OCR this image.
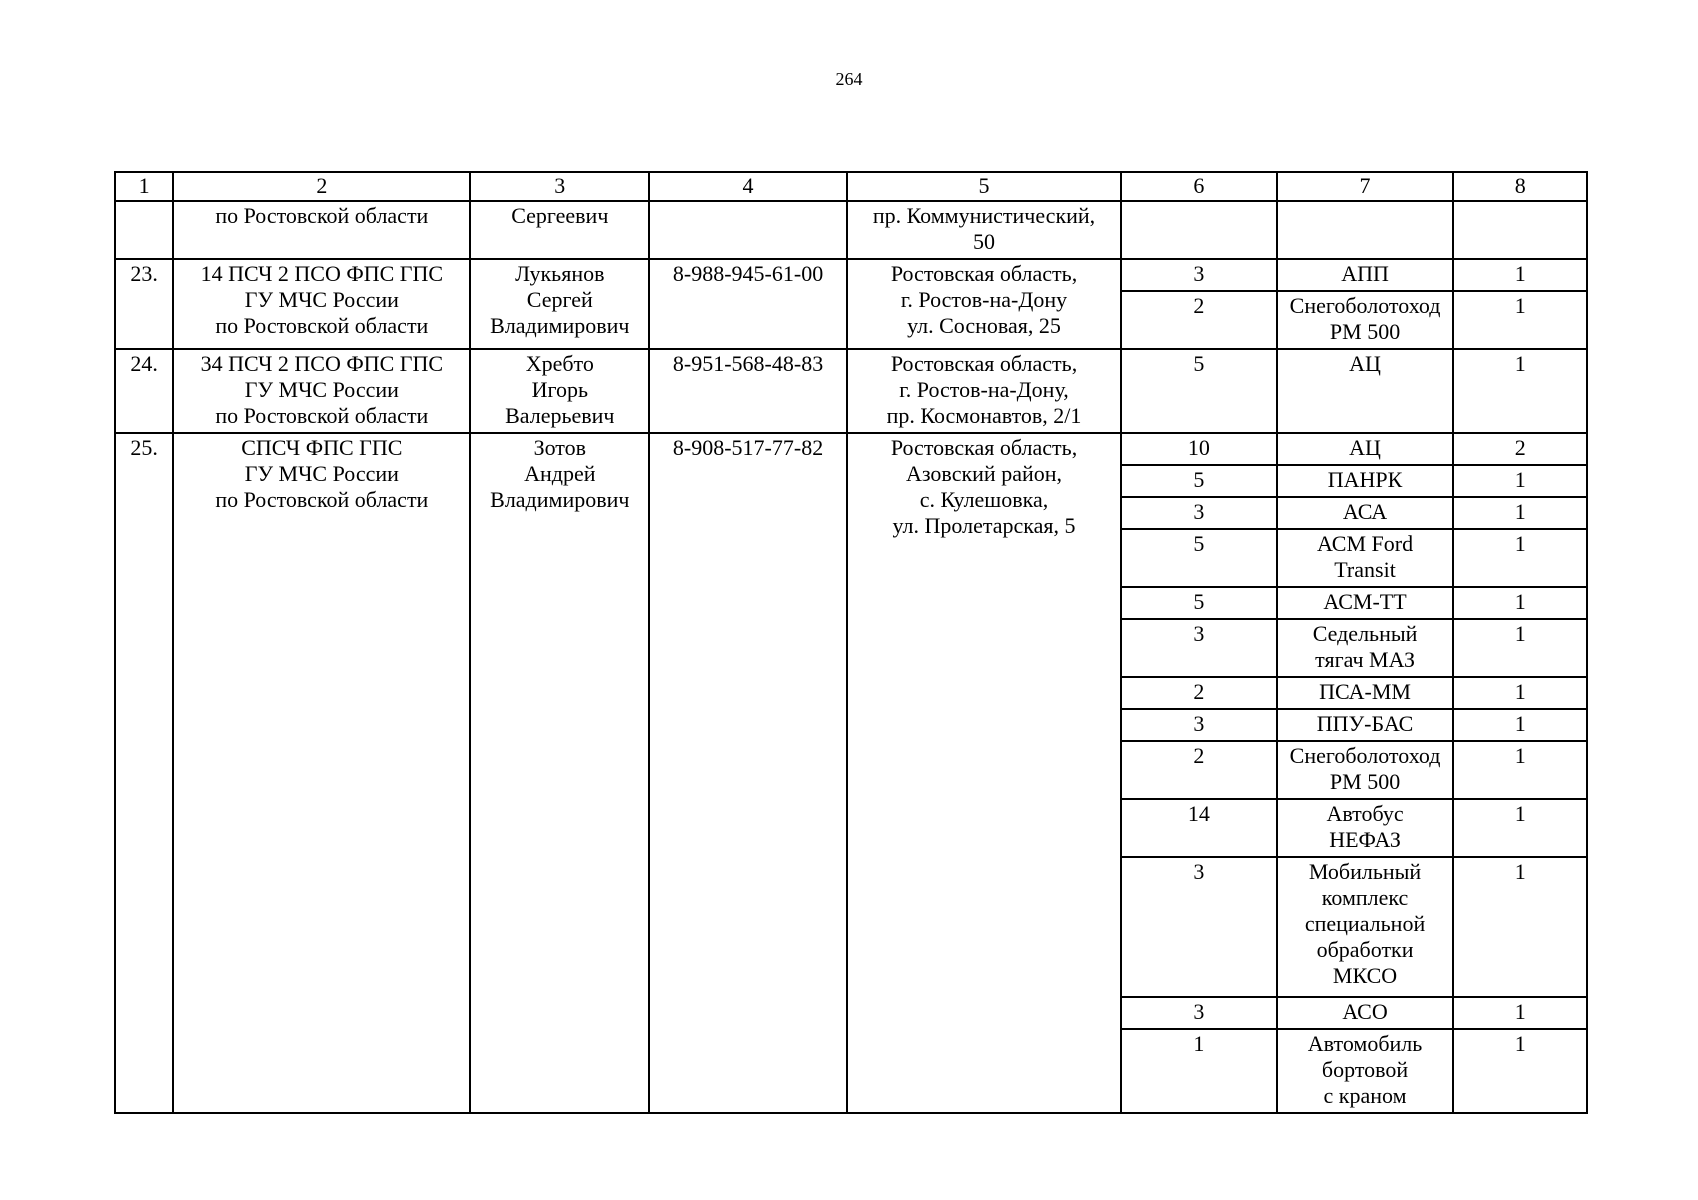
264
1	2	3	4	5	6	7	8
	по Ростовской области	Сергеевич		пр. Коммунистический,
50			
23.	14 ПСЧ 2 ПСО ФПС ГПС
ГУ МЧС России
по Ростовской области	Лукьянов
Сергей
Владимирович	8-988-945-61-00	Ростовская область,
г. Ростов-на-Дону
ул. Сосновая, 25	3	АПП	1
					2	Снегоболотоход
РМ 500	1
24.	34 ПСЧ 2 ПСО ФПС ГПС
ГУ МЧС России
по Ростовской области	Хребто
Игорь
Валерьевич	8-951-568-48-83	Ростовская область,
г. Ростов-на-Дону,
пр. Космонавтов, 2/1	5	АЦ	1
25.	СПСЧ ФПС ГПС
ГУ МЧС России
по Ростовской области	Зотов
Андрей
Владимирович	8-908-517-77-82	Ростовская область,
Азовский район,
с. Кулешовка,
ул. Пролетарская, 5	10	АЦ	2
					5	ПАНРК	1
					3	АСА	1
					5	АСМ Ford
Transit	1
					5	АСМ-ТТ	1
					3	Седельный
тягач МАЗ	1
					2	ПСА-ММ	1
					3	ППУ-БАС	1
					2	Снегоболотоход
РМ 500	1
					14	Автобус
НЕФАЗ	1
					3	Мобильный
комплекс
специальной
обработки
МКСО	1
					3	АСО	1
					1	Автомобиль
бортовой
с краном	1
